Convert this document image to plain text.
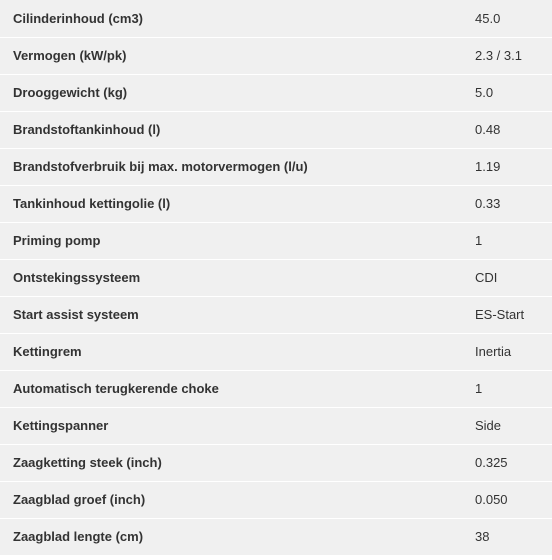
Cilinderinhoud (cm3)	45.0
Vermogen (kW/pk)	2.3 / 3.1
Drooggewicht (kg)	5.0
Brandstoftankinhoud (l)	0.48
Brandstofverbruik bij max. motorvermogen (l/u)	1.19
Tankinhoud kettingolie (l)	0.33
Priming pomp	1
Ontstekingssysteem	CDI
Start assist systeem	ES-Start
Kettingrem	Inertia
Automatisch terugkerende choke	1
Kettingspanner	Side
Zaagketting steek (inch)	0.325
Zaagblad groef (inch)	0.050
Zaagblad lengte (cm)	38
